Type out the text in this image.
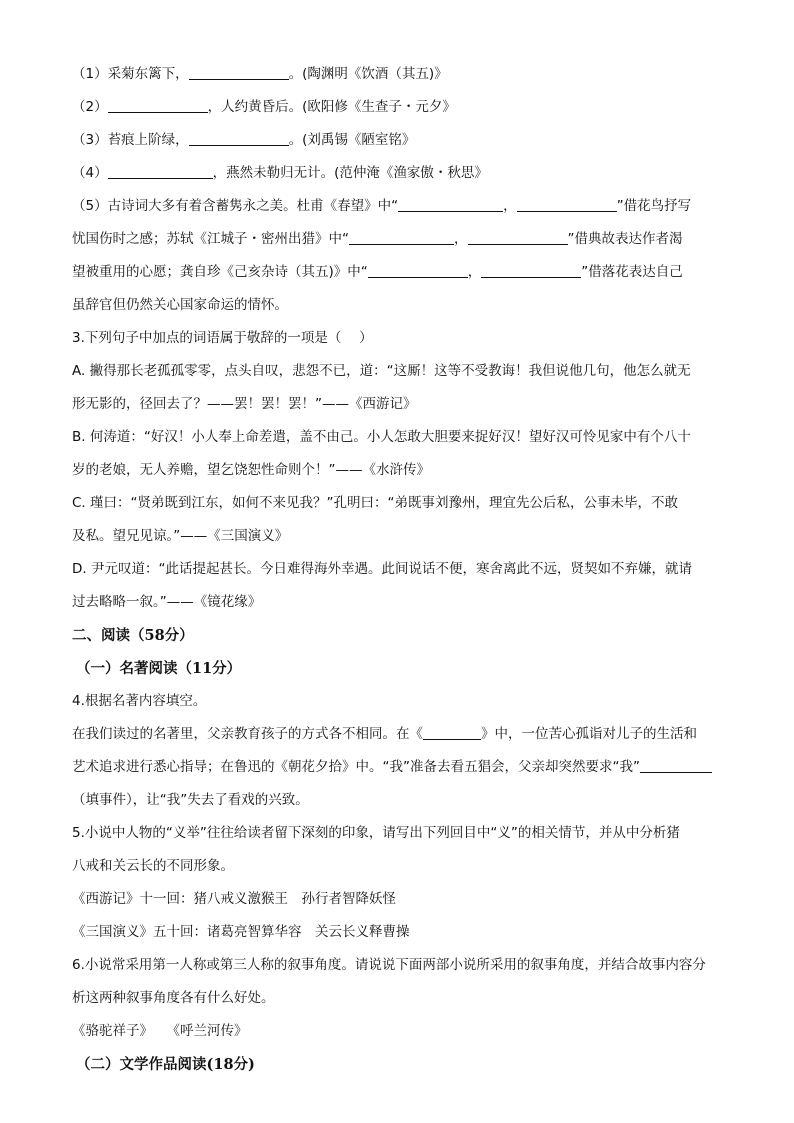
（1）采菊东篱下，	。(陶渊明《饮酒（其五)》

（2）	，人约黄昏后。(欧阳修《生查子・元夕》

（3）苔痕上阶绿，	。(刘禹锡《陋室铭》

（4）	，燕然未勒归无计。(范仲淹《渔家傲・秋思》

（5）古诗词大多有着含蓄隽永之美。杜甫《春望》中“	，	”借花鸟抒写

忧国伤时之感；苏轼《江城子・密州出猎》中“	，	”借典故表达作者渴

望被重用的心愿；龚自珍《己亥杂诗（其五)》中“	，	”借落花表达自己

虽辞官但仍然关心国家命运的情怀。

3.下列句子中加点的词语属于敬辞的一项是（　 ）

A. 撇得那长老孤孤零零，点头自叹，悲怨不已，道：“这厮！这等不受教诲！我但说他几句，他怎么就无

形无影的，径回去了？——罢！罢！罢！”——《西游记》

B. 何涛道：“好汉！小人奉上命差遣，盖不由己。小人怎敢大胆要来捉好汉！望好汉可怜见家中有个八十

岁的老娘，无人养赡，望乞饶恕性命则个！”——《水浒传》

C. 瑾曰：“贤弟既到江东，如何不来见我？”孔明曰：“弟既事刘豫州，理宜先公后私，公事未毕，不敢

及私。望兄见谅。”——《三国演义》

D. 尹元叹道：“此话提起甚长。今日难得海外幸遇。此间说话不便，寒舍离此不远，贤契如不弃嫌，就请

过去略略一叙。”——《镜花缘》

二、阅读（58分）

（一）名著阅读（11分）

4.根据名著内容填空。

在我们读过的名著里，父亲教育孩子的方式各不相同。在《	》中，一位苦心孤诣对儿子的生活和

艺术追求进行悉心指导；在鲁迅的《朝花夕拾》中。“我”准备去看五猖会，父亲却突然要求“我”

（填事件），让“我”失去了看戏的兴致。

5.小说中人物的“义举”往往给读者留下深刻的印象，请写出下列回目中“义”的相关情节，并从中分析猪

八戒和关云长的不同形象。

《西游记》十一回：猪八戒义激猴王　孙行者智降妖怪

《三国演义》五十回：诸葛亮智算华容　关云长义释曹操

6.小说常采用第一人称或第三人称的叙事角度。请说说下面两部小说所采用的叙事角度，并结合故事内容分

析这两种叙事角度各有什么好处。

《骆驼祥子》　　《呼兰河传》

（二）文学作品阅读(18分)
